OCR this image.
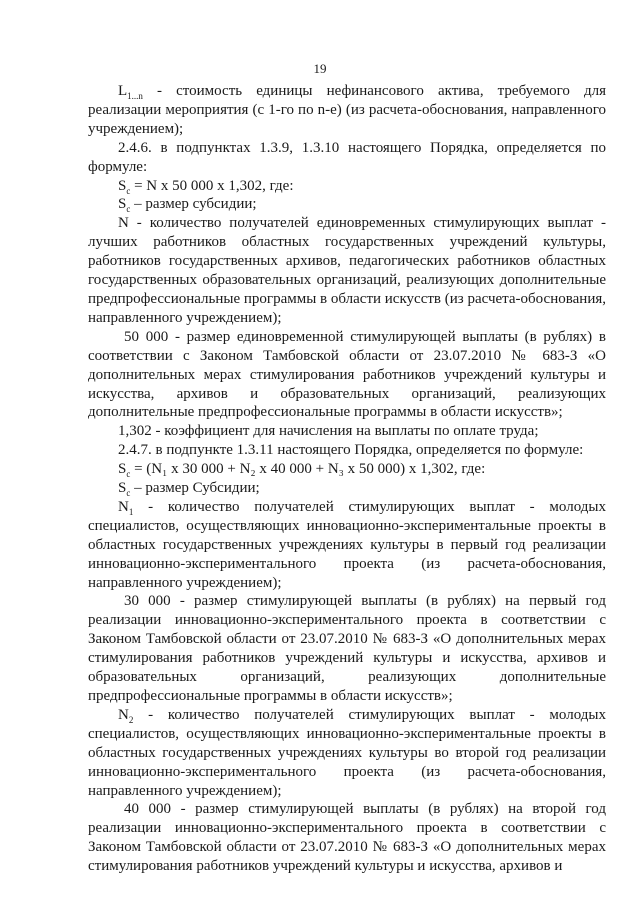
19

$L_{1...n}$ - стоимость единицы нефинансового актива, требуемого для реализации мероприятия (с 1-го по n-е) (из расчета-обоснования, направленного учреждением);

2.4.6. в подпунктах 1.3.9, 1.3.10 настоящего Порядка, определяется по формуле:

$S_c = N$ x 50 000 x 1,302, где:

$S_c$ – размер субсидии;

N - количество получателей единовременных стимулирующих выплат - лучших работников областных государственных учреждений культуры, работников государственных архивов, педагогических работников областных государственных образовательных организаций, реализующих дополнительные предпрофессиональные программы в области искусств (из расчета-обоснования, направленного учреждением);

50 000 - размер единовременной стимулирующей выплаты (в рублях) в соответствии с Законом Тамбовской области от 23.07.2010 № 683-З «О дополнительных мерах стимулирования работников учреждений культуры и искусства, архивов и образовательных организаций, реализующих дополнительные предпрофессиональные программы в области искусств»;

1,302 - коэффициент для начисления на выплаты по оплате труда;

2.4.7. в подпункте 1.3.11 настоящего Порядка, определяется по формуле:

$S_c = (N_1$ x 30 000 + N₂ x 40 000 + N₃ x 50 000) x 1,302, где:

$S_c$ – размер Субсидии;

$N_1$ - количество получателей стимулирующих выплат - молодых специалистов, осуществляющих инновационно-экспериментальные проекты в областных государственных учреждениях культуры в первый год реализации инновационно-экспериментального проекта (из расчета-обоснования, направленного учреждением);

30 000 - размер стимулирующей выплаты (в рублях) на первый год реализации инновационно-экспериментального проекта в соответствии с Законом Тамбовской области от 23.07.2010 № 683-З «О дополнительных мерах стимулирования работников учреждений культуры и искусства, архивов и образовательных организаций, реализующих дополнительные предпрофессиональные программы в области искусств»;

$N_2$ - количество получателей стимулирующих выплат - молодых специалистов, осуществляющих инновационно-экспериментальные проекты в областных государственных учреждениях культуры во второй год реализации инновационно-экспериментального проекта (из расчета-обоснования, направленного учреждением);

40 000 - размер стимулирующей выплаты (в рублях) на второй год реализации инновационно-экспериментального проекта в соответствии с Законом Тамбовской области от 23.07.2010 № 683-З «О дополнительных мерах стимулирования работников учреждений культуры и искусства, архивов и
